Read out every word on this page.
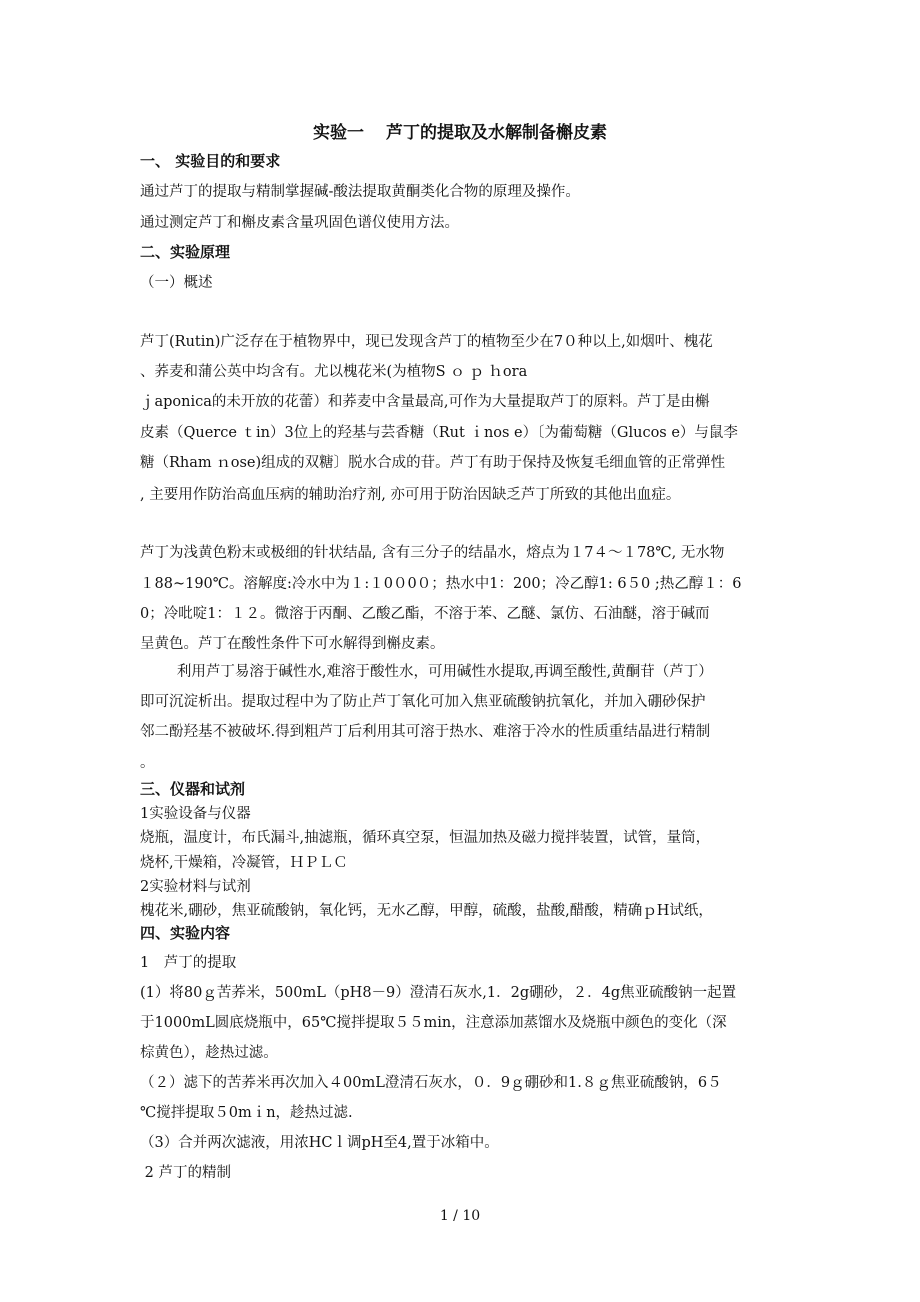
实验一 芦丁的提取及水解制备槲皮素
一、 实验目的和要求
通过芦丁的提取与精制掌握碱-酸法提取黄酮类化合物的原理及操作。
通过测定芦丁和槲皮素含量巩固色谱仪使用方法。
二、实验原理
（一）概述
芦丁(Rutin)广泛存在于植物界中，现已发现含芦丁的植物至少在7０种以上,如烟叶、槐花
、荞麦和蒲公英中均含有。尤以槐花米(为植物S ｏ ｐ ｈora
ｊaponica的未开放的花蕾）和荞麦中含量最高,可作为大量提取芦丁的原料。芦丁是由槲
皮素（Querce ｔin）3位上的羟基与芸香糖（Rut ｉnos e）〔为葡萄糖（Glucos e）与鼠李
糖（Rham ｎose)组成的双糖〕脱水合成的苷。芦丁有助于保持及恢复毛细血管的正常弹性
, 主要用作防治高血压病的辅助治疗剂, 亦可用于防治因缺乏芦丁所致的其他出血症。
芦丁为浅黄色粉末或极细的针状结晶, 含有三分子的结晶水，熔点为１7４～１78℃, 无水物
１88~190℃。溶解度:冷水中为１:１0０0０；热水中1：200；冷乙醇1: 6５0 ;热乙醇１：6
0；冷吡啶1：１２。微溶于丙酮、乙酸乙酯，不溶于苯、乙醚、氯仿、石油醚，溶于碱而
呈黄色。芦丁在酸性条件下可水解得到槲皮素。
利用芦丁易溶于碱性水,难溶于酸性水，可用碱性水提取,再调至酸性,黄酮苷（芦丁）
即可沉淀析出。提取过程中为了防止芦丁氧化可加入焦亚硫酸钠抗氧化，并加入硼砂保护
邻二酚羟基不被破坏.得到粗芦丁后利用其可溶于热水、难溶于冷水的性质重结晶进行精制
。
三、仪器和试剂
1实验设备与仪器
烧瓶，温度计，布氏漏斗,抽滤瓶，循环真空泵，恒温加热及磁力搅拌装置，试管，量筒，
烧杯,干燥箱，冷凝管，ＨＰＬＣ
2实验材料与试剂
槐花米,硼砂，焦亚硫酸钠，氧化钙，无水乙醇，甲醇，硫酸，盐酸,醋酸，精确ｐH试纸，
四、实验内容
1　芦丁的提取
(1）将80ｇ苦荞米，500mL（pH8－9）澄清石灰水,1．2g硼砂，２．4g焦亚硫酸钠一起置
于1000mL圆底烧瓶中，65℃搅拌提取５５min，注意添加蒸馏水及烧瓶中颜色的变化（深
棕黄色），趁热过滤。
（２）滤下的苦荞米再次加入４00mL澄清石灰水，０．9ｇ硼砂和1.８ｇ焦亚硫酸钠，6５
℃搅拌提取５0mｉn，趁热过滤.
（3）合并两次滤液，用浓HCｌ调pH至4,置于冰箱中。
2 芦丁的精制
1 / 10
